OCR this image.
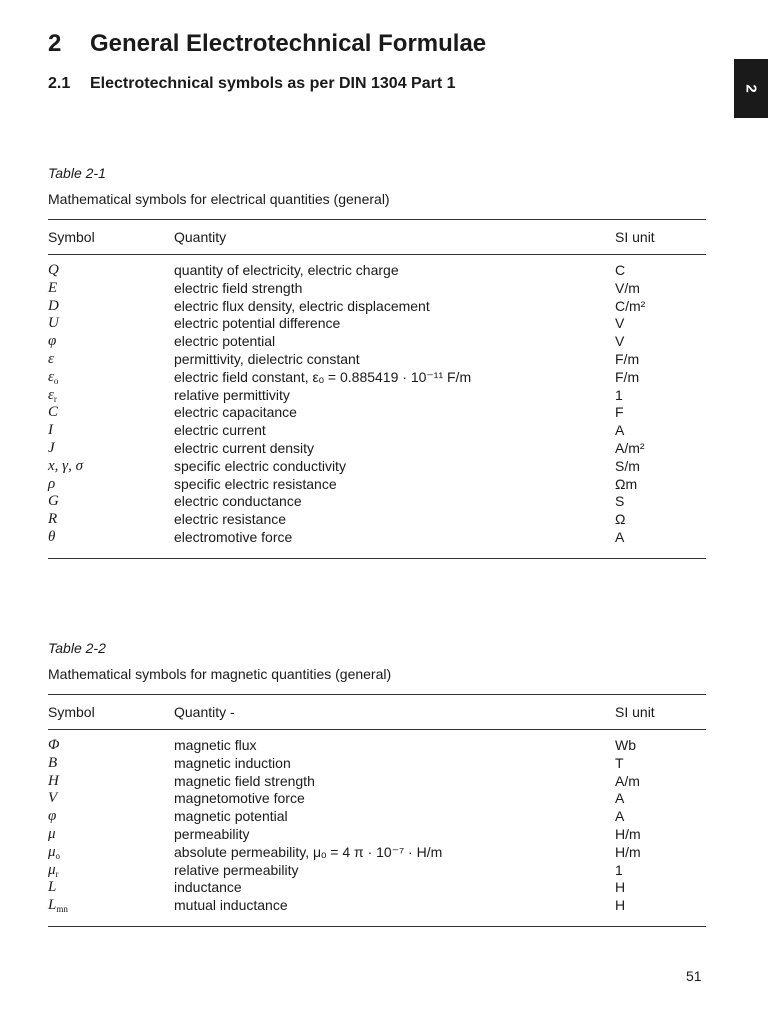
2 General Electrotechnical Formulae
2.1 Electrotechnical symbols as per DIN 1304 Part 1	2

Table 2-1

Mathematical symbols for electrical quantities (general)

Symbol	Quantity	SI unit
Q	quantity of electricity, electric charge	C
E	electric field strength	V/m
D	electric flux density, electric displacement	C/m²
U	electric potential difference	V
φ	electric potential	V
ε	permittivity, dielectric constant	F/m
$\varepsilon_o$	electric field constant, εₒ = 0.885419 · 10⁻¹¹ F/m	F/m
$\varepsilon_r$	relative permittivity	1
C	electric capacitance	F
I	electric current	A
J	electric current density	A/m²
x, γ, σ	specific electric conductivity	S/m
ρ	specific electric resistance	Ωm
G	electric conductance	S
R	electric resistance	Ω
θ	electromotive force	A

Table 2-2

Mathematical symbols for magnetic quantities (general)

Symbol	Quantity -	SI unit
Φ	magnetic flux	Wb
B	magnetic induction	T
H	magnetic field strength	A/m
V	magnetomotive force	A
φ	magnetic potential	A
μ	permeability	H/m
$\mu_o$	absolute permeability, μₒ = 4 π · 10⁻⁷ · H/m	H/m
$\mu_r$	relative permeability	1
L	inductance	H
$L_{mn}$	mutual inductance	H
51
